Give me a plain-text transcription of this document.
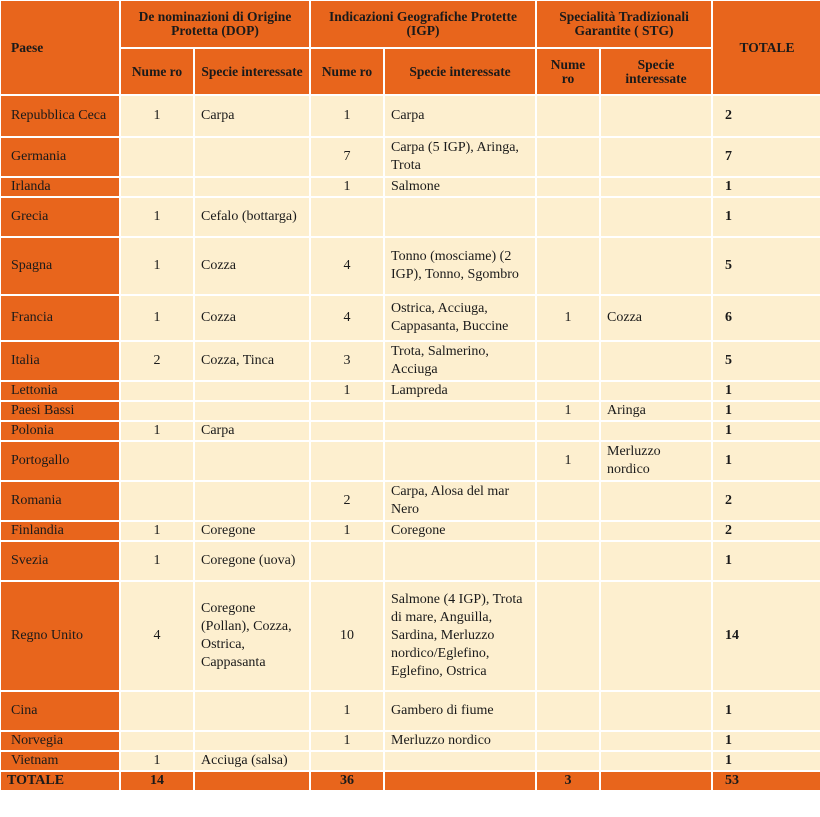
Paese	De nominazioni di Origine Protetta (DOP)		Indicazioni Geografiche Protette (IGP)		Specialità Tradizionali Garantite ( STG)		TOTALE
	Nume ro	Specie interessate	Nume ro	Specie interessate	Nume ro	Specie interessate	
Repubblica Ceca	1	Carpa	1	Carpa			2
Germania			7	Carpa (5 IGP), Aringa, Trota			7
Irlanda			1	Salmone			1
Grecia	1	Cefalo (bottarga)					1
Spagna	1	Cozza	4	Tonno (mosciame) (2 IGP), Tonno, Sgombro			5
Francia	1	Cozza	4	Ostrica, Acciuga, Cappasanta, Buccine	1	Cozza	6
Italia	2	Cozza, Tinca	3	Trota, Salmerino, Acciuga			5
Lettonia			1	Lampreda			1
Paesi Bassi					1	Aringa	1
Polonia	1	Carpa					1
Portogallo					1	Merluzzo nordico	1
Romania			2	Carpa, Alosa del mar Nero			2
Finlandia	1	Coregone	1	Coregone			2
Svezia	1	Coregone (uova)					1
Regno Unito	4	Coregone (Pollan), Cozza, Ostrica, Cappasanta	10	Salmone (4 IGP), Trota di mare, Anguilla, Sardina, Merluzzo nordico/Eglefino, Eglefino, Ostrica			14
Cina			1	Gambero di fiume			1
Norvegia			1	Merluzzo nordico			1
Vietnam	1	Acciuga (salsa)					1
TOTALE	14		36		3		53
